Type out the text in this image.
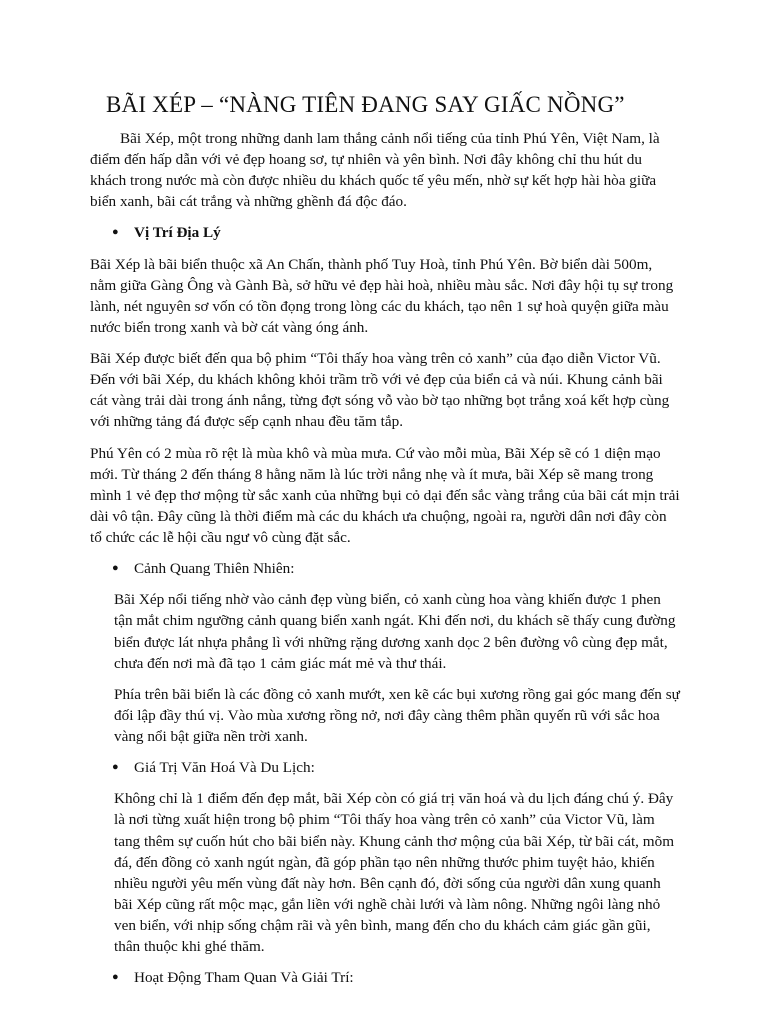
BÃI XÉP – “NÀNG TIÊN ĐANG SAY GIẤC NỒNG”

Bãi Xép, một trong những danh lam thắng cảnh nổi tiếng của tỉnh Phú Yên, Việt Nam, là điểm đến hấp dẫn với vẻ đẹp hoang sơ, tự nhiên và yên bình. Nơi đây không chỉ thu hút du khách trong nước mà còn được nhiều du khách quốc tế yêu mến, nhờ sự kết hợp hài hòa giữa biển xanh, bãi cát trắng và những ghềnh đá độc đáo.

●	Vị Trí Địa Lý

Bãi Xép là bãi biển thuộc xã An Chấn, thành phố Tuy Hoà, tỉnh Phú Yên. Bờ biển dài 500m, nằm giữa Gàng Ông và Gành Bà, sở hữu vẻ đẹp hài hoà, nhiều màu sắc. Nơi đây hội tụ sự trong lành, nét nguyên sơ vốn có tồn đọng trong lòng các du khách, tạo nên 1 sự hoà quyện giữa màu nước biển trong xanh và bờ cát vàng óng ánh.

Bãi Xép được biết đến qua bộ phim “Tôi thấy hoa vàng trên cỏ xanh” của đạo diễn Victor Vũ. Đến với bãi Xép, du khách không khỏi trầm trồ với vẻ đẹp của biển cả và núi. Khung cảnh bãi cát vàng trải dài trong ánh nắng, từng đợt sóng vỗ vào bờ tạo những bọt trắng xoá kết hợp cùng với những tảng đá được sếp cạnh nhau đều tăm tắp.

Phú Yên có 2 mùa rõ rệt là mùa khô và mùa mưa. Cứ vào mỗi mùa, Bãi Xép sẽ có 1 diện mạo mới. Từ tháng 2 đến tháng 8 hằng năm là lúc trời nắng nhẹ và ít mưa, bãi Xép sẽ mang trong mình 1 vẻ đẹp thơ mộng từ sắc xanh của những bụi cỏ dại đến sắc vàng trắng của bãi cát mịn trải dài vô tận. Đây cũng là thời điểm mà các du khách ưa chuộng, ngoài ra, người dân nơi đây còn tổ chức các lễ hội cầu ngư vô cùng đặt sắc.

●	Cảnh Quang Thiên Nhiên:

Bãi Xép nổi tiếng nhờ vào cảnh đẹp vùng biển, cỏ xanh cùng hoa vàng khiến được 1 phen tận mắt chim ngưỡng cảnh quang biển xanh ngát. Khi đến nơi, du khách sẽ thấy cung đường biển được lát nhựa phẳng lì với những rặng dương xanh dọc 2 bên đường vô cùng đẹp mắt, chưa đến nơi mà đã tạo 1 cảm giác mát mẻ và thư thái.

Phía trên bãi biển là các đồng cỏ xanh mướt, xen kẽ các bụi xương rồng gai góc mang đến sự đối lập đầy thú vị. Vào mùa xương rồng nở, nơi đây càng thêm phần quyến rũ với sắc hoa vàng nổi bật giữa nền trời xanh.

●	Giá Trị Văn Hoá Và Du Lịch:

Không chỉ là 1 điểm đến đẹp mắt, bãi Xép còn có giá trị văn hoá và du lịch đáng chú ý. Đây là nơi từng xuất hiện trong bộ phim “Tôi thấy hoa vàng trên cỏ xanh” của Victor Vũ, làm tang thêm sự cuốn hút cho bãi biển này. Khung cảnh thơ mộng của bãi Xép, từ bãi cát, mõm đá, đến đồng cỏ xanh ngút ngàn, đã góp phần tạo nên những thước phim tuyệt hảo, khiến nhiều người yêu mến vùng đất này hơn. Bên cạnh đó, đời sống của người dân xung quanh bãi Xép cũng rất mộc mạc, gắn liền với nghề chài lưới và làm nông. Những ngôi làng nhỏ ven biển, với nhịp sống chậm rãi và yên bình, mang đến cho du khách cảm giác gần gũi, thân thuộc khi ghé thăm.

●	Hoạt Động Tham Quan Và Giải Trí:
